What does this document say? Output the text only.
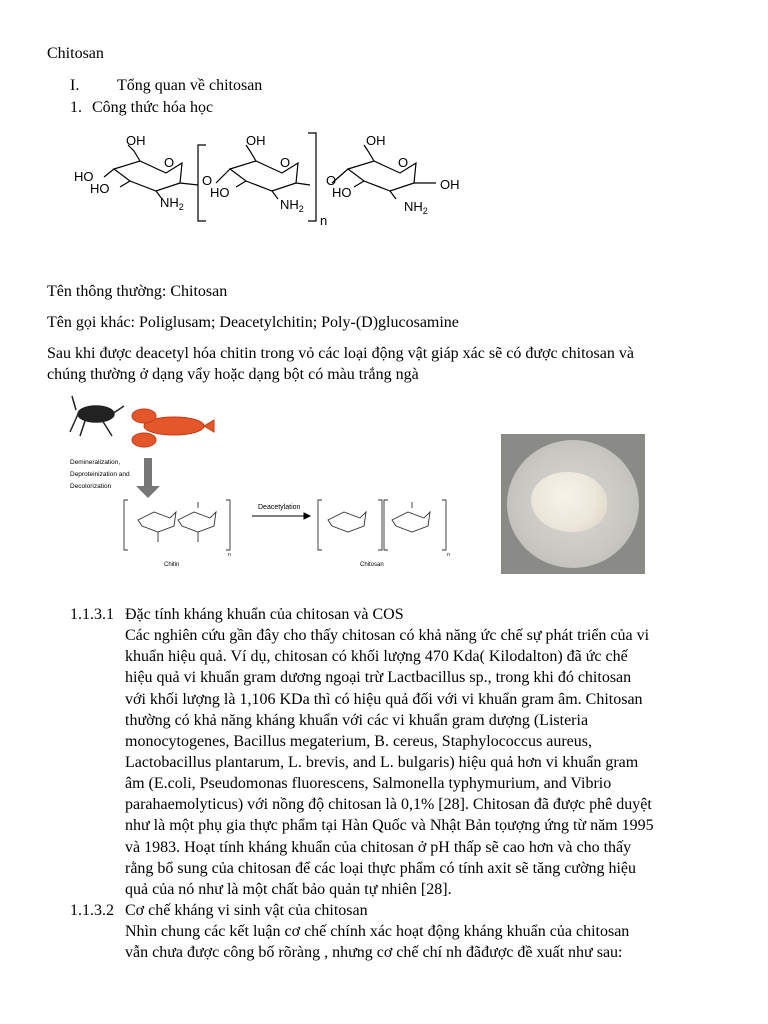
Chitosan
I. Tổng quan về chitosan
1. Công thức hóa học
OH
O
HO
HO
$NH_2$
O
OH
O
HO
$NH_2$
n
O
OH
O
HO
$NH_2$
OH
Tên thông thường: Chitosan
Tên gọi khác: Poliglusam; Deacetylchitin; Poly-(D)glucosamine
Sau khi được deacetyl hóa chitin trong vỏ các loại động vật giáp xác sẽ có được chitosan và
chúng thường ở dạng vẩy hoặc dạng bột có màu trắng ngà
Demineralization,
Deproteinization and
Decolorization
n
Chitin
Deacetylation
n
Chitosan
1.1.3.1 Đặc tính kháng khuẩn của chitosan và COS
Các nghiên cứu gần đây cho thấy chitosan có khả năng ức chế sự phát triển của vi
khuẩn hiệu quả. Ví dụ, chitosan có khối lượng 470 Kda( Kilodalton) đã ức chế
hiệu quả vi khuẩn gram dương ngoại trừ Lactbacillus sp., trong khi đó chitosan
với khối lượng là 1,106 KDa thì có hiệu quả đối với vi khuẩn gram âm. Chitosan
thường có khả năng kháng khuẩn với các vi khuẩn gram dượng (Listeria
monocytogenes, Bacillus megaterium, B. cereus, Staphylococcus aureus,
Lactobacillus plantarum, L. brevis, and L. bulgaris) hiệu quả hơn vi khuẩn gram
âm (E.coli, Pseudomonas fluorescens, Salmonella typhymurium, and Vibrio
parahaemolyticus) với nồng độ chitosan là 0,1% [28]. Chitosan đã được phê duyệt
như là một phụ gia thực phẩm tại Hàn Quốc và Nhật Bản tọượng ứng từ năm 1995
và 1983. Hoạt tính kháng khuẩn của chitosan ở pH thấp sẽ cao hơn và cho thấy
rằng bổ sung của chitosan để các loại thực phẩm có tính axit sẽ tăng cường hiệu
quả của nó như là một chất bảo quản tự nhiên [28].
1.1.3.2 Cơ chế kháng vi sinh vật của chitosan
Nhìn chung các kết luận cơ chế chính xác hoạt động kháng khuẩn của chitosan
vẫn chưa được công bố rõràng , nhưng cơ chế chí nh đãđược đề xuất như sau:
